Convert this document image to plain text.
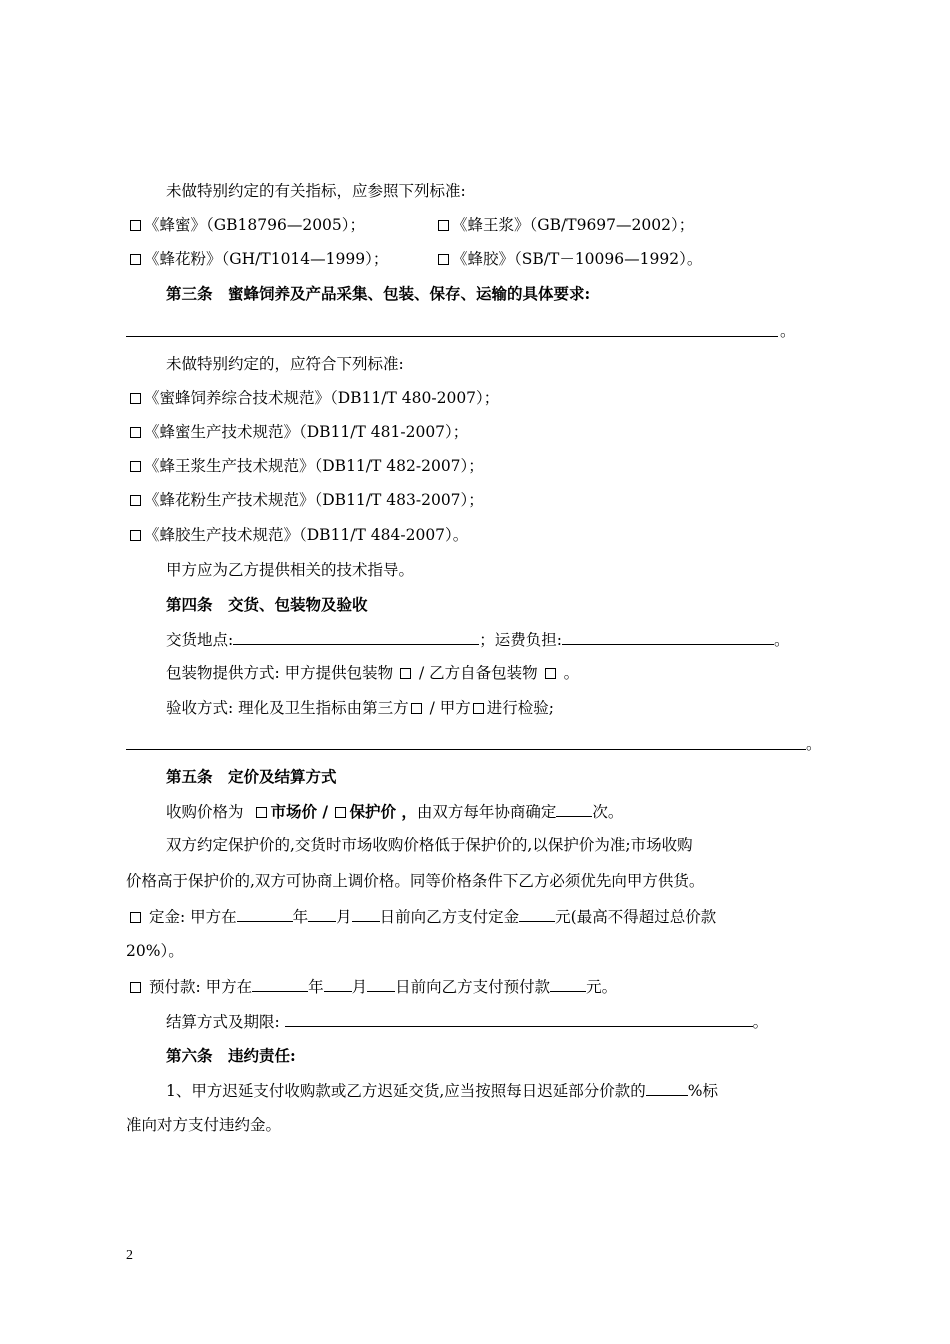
未做特别约定的有关指标，应参照下列标准:
《蜂蜜》（GB18796—2005）；	《蜂王浆》（GB/T9697—2002）；
《蜂花粉》（GH/T1014—1999）；	《蜂胶》（SB/T－10096—1992）。
第三条　蜜蜂饲养及产品采集、包装、保存、运输的具体要求:
。
未做特别约定的，应符合下列标准:
《蜜蜂饲养综合技术规范》（DB11/T 480-2007）；
《蜂蜜生产技术规范》（DB11/T 481-2007）；
《蜂王浆生产技术规范》（DB11/T 482-2007）；
《蜂花粉生产技术规范》（DB11/T 483-2007）；
《蜂胶生产技术规范》（DB11/T 484-2007）。
甲方应为乙方提供相关的技术指导。
第四条　交货、包装物及验收
交货地点:	；运费负担:	。
包装物提供方式: 甲方提供包装物  / 乙方自备包装物 。
验收方式: 理化及卫生指标由第三方 / 甲方 进行检验;
。
第五条　定价及结算方式
收购价格为 市场价 / 保护价 ，由双方每年协商确定 次。
双方约定保护价的,交货时市场收购价格低于保护价的,以保护价为准;市场收购
价格高于保护价的,双方可协商上调价格。同等价格条件下乙方必须优先向甲方供货。
定金: 甲方在	年 月 日前向乙方支付定金 元(最高不得超过总价款
20%）。
预付款: 甲方在	年 月 日前向乙方支付预付款 元。
结算方式及期限:	。
第六条　违约责任:
1、甲方迟延支付收购款或乙方迟延交货,应当按照每日迟延部分价款的	%标
准向对方支付违约金。
2
